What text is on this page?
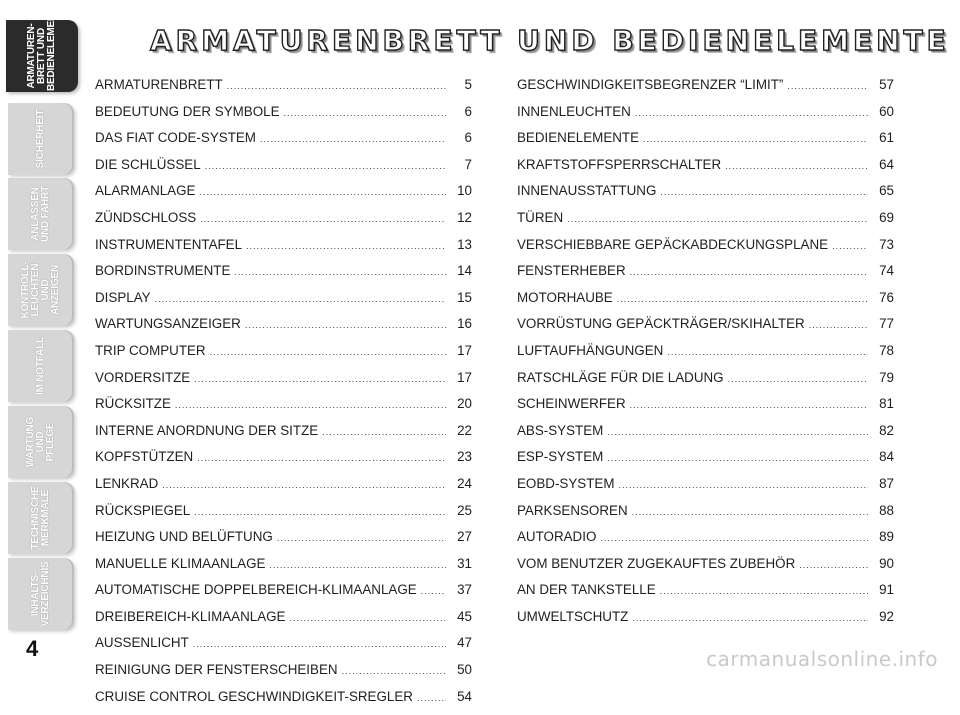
ARMATUREN-
BRETT UND
BEDIENELEMENTE
SICHERHEIT
ANLASSEN
UND FAHRT
KONTROLL-
LEUCHTEN UND
ANZEIGEN
IM NOTFALL
WARTUNG UND
PFLEGE
TECHNISCHE
MERKMALE
INHALTS-
VERZEICHNIS
4
ARMATURENBRETT UND BEDIENELEMENTE
ARMATURENBRETT .....	5
BEDEUTUNG DER SYMBOLE .....	6
DAS FIAT CODE-SYSTEM .....	6
DIE SCHLÜSSEL .....	7
ALARMANLAGE .....	10
ZÜNDSCHLOSS .....	12
INSTRUMENTENTAFEL .....	13
BORDINSTRUMENTE .....	14
DISPLAY .....	15
WARTUNGSANZEIGER .....	16
TRIP COMPUTER .....	17
VORDERSITZE .....	17
RÜCKSITZE .....	20
INTERNE ANORDNUNG DER SITZE .....	22
KOPFSTÜTZEN .....	23
LENKRAD .....	24
RÜCKSPIEGEL .....	25
HEIZUNG UND BELÜFTUNG .....	27
MANUELLE KLIMAANLAGE .....	31
AUTOMATISCHE DOPPELBEREICH-KLIMAANLAGE .....	37
DREIBEREICH-KLIMAANLAGE .....	45
AUSSENLICHT .....	47
REINIGUNG DER FENSTERSCHEIBEN .....	50
CRUISE CONTROL GESCHWINDIGKEIT-SREGLER .....	54
GESCHWINDIGKEITSBEGRENZER “LIMIT” .....	57
INNENLEUCHTEN .....	60
BEDIENELEMENTE .....	61
KRAFTSTOFFSPERRSCHALTER .....	64
INNENAUSSTATTUNG .....	65
TÜREN .....	69
VERSCHIEBBARE GEPÄCKABDECKUNGSPLANE .....	73
FENSTERHEBER .....	74
MOTORHAUBE .....	76
VORRÜSTUNG GEPÄCKTRÄGER/SKIHALTER .....	77
LUFTAUFHÄNGUNGEN .....	78
RATSCHLÄGE FÜR DIE LADUNG .....	79
SCHEINWERFER .....	81
ABS-SYSTEM .....	82
ESP-SYSTEM .....	84
EOBD-SYSTEM .....	87
PARKSENSOREN .....	88
AUTORADIO .....	89
VOM BENUTZER ZUGEKAUFTES ZUBEHÖR .....	90
AN DER TANKSTELLE .....	91
UMWELTSCHUTZ .....	92
carmanualsonline.info
